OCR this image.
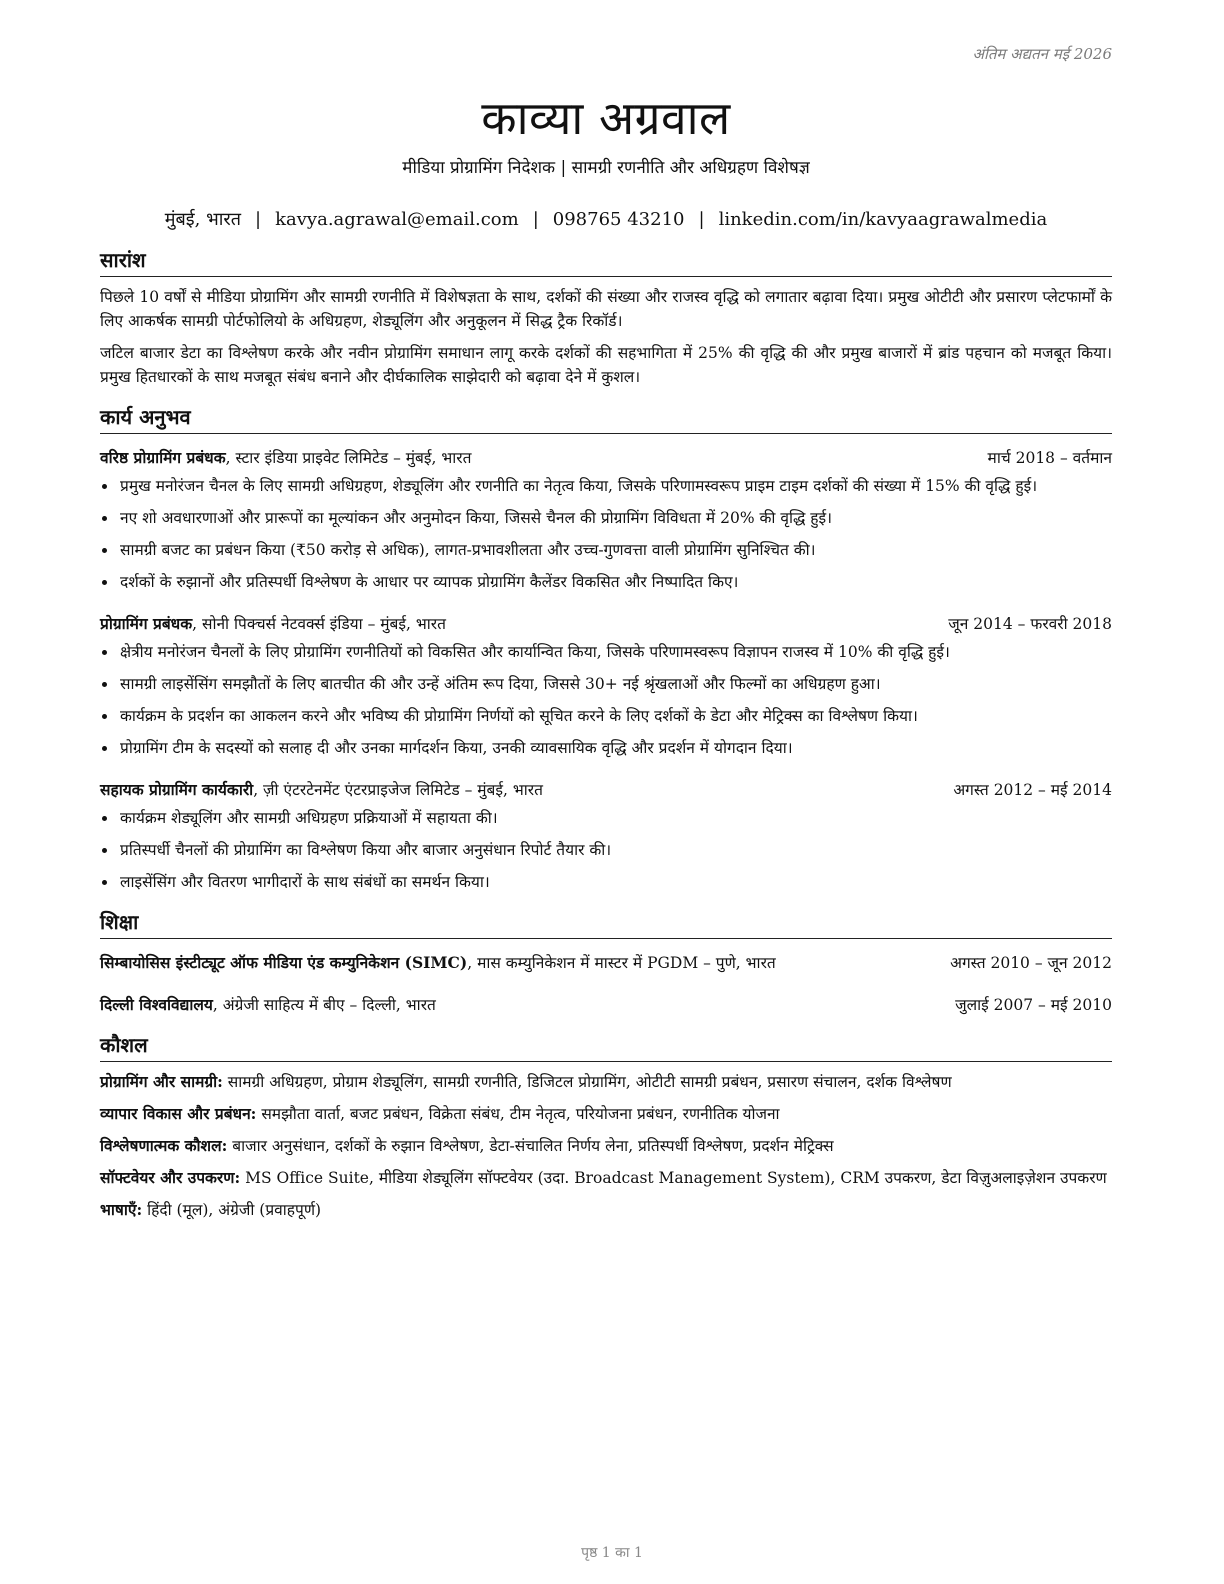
अंतिम अद्यतन मई 2026
काव्या अग्रवाल
मीडिया प्रोग्रामिंग निदेशक | सामग्री रणनीति और अधिग्रहण विशेषज्ञ
मुंबई, भारत | kavya.agrawal@email.com | 098765 43210 | linkedin.com/in/kavyaagrawalmedia
सारांश

पिछले 10 वर्षों से मीडिया प्रोग्रामिंग और सामग्री रणनीति में विशेषज्ञता के साथ, दर्शकों की संख्या और राजस्व वृद्धि को लगातार बढ़ावा दिया। प्रमुख ओटीटी और प्रसारण प्लेटफार्मों के लिए आकर्षक सामग्री पोर्टफोलियो के अधिग्रहण, शेड्यूलिंग और अनुकूलन में सिद्ध ट्रैक रिकॉर्ड।

जटिल बाजार डेटा का विश्लेषण करके और नवीन प्रोग्रामिंग समाधान लागू करके दर्शकों की सहभागिता में 25% की वृद्धि की और प्रमुख बाजारों में ब्रांड पहचान को मजबूत किया। प्रमुख हितधारकों के साथ मजबूत संबंध बनाने और दीर्घकालिक साझेदारी को बढ़ावा देने में कुशल।

कार्य अनुभव
वरिष्ठ प्रोग्रामिंग प्रबंधक, स्टार इंडिया प्राइवेट लिमिटेड – मुंबई, भारत	मार्च 2018 – वर्तमान
• प्रमुख मनोरंजन चैनल के लिए सामग्री अधिग्रहण, शेड्यूलिंग और रणनीति का नेतृत्व किया, जिसके परिणामस्वरूप प्राइम टाइम दर्शकों की संख्या में 15% की वृद्धि हुई।
• नए शो अवधारणाओं और प्रारूपों का मूल्यांकन और अनुमोदन किया, जिससे चैनल की प्रोग्रामिंग विविधता में 20% की वृद्धि हुई।
• सामग्री बजट का प्रबंधन किया (₹50 करोड़ से अधिक), लागत-प्रभावशीलता और उच्च-गुणवत्ता वाली प्रोग्रामिंग सुनिश्चित की।
• दर्शकों के रुझानों और प्रतिस्पर्धी विश्लेषण के आधार पर व्यापक प्रोग्रामिंग कैलेंडर विकसित और निष्पादित किए।
प्रोग्रामिंग प्रबंधक, सोनी पिक्चर्स नेटवर्क्स इंडिया – मुंबई, भारत	जून 2014 – फरवरी 2018
• क्षेत्रीय मनोरंजन चैनलों के लिए प्रोग्रामिंग रणनीतियों को विकसित और कार्यान्वित किया, जिसके परिणामस्वरूप विज्ञापन राजस्व में 10% की वृद्धि हुई।
• सामग्री लाइसेंसिंग समझौतों के लिए बातचीत की और उन्हें अंतिम रूप दिया, जिससे 30+ नई श्रृंखलाओं और फिल्मों का अधिग्रहण हुआ।
• कार्यक्रम के प्रदर्शन का आकलन करने और भविष्य की प्रोग्रामिंग निर्णयों को सूचित करने के लिए दर्शकों के डेटा और मेट्रिक्स का विश्लेषण किया।
• प्रोग्रामिंग टीम के सदस्यों को सलाह दी और उनका मार्गदर्शन किया, उनकी व्यावसायिक वृद्धि और प्रदर्शन में योगदान दिया।
सहायक प्रोग्रामिंग कार्यकारी, ज़ी एंटरटेनमेंट एंटरप्राइजेज लिमिटेड – मुंबई, भारत	अगस्त 2012 – मई 2014
• कार्यक्रम शेड्यूलिंग और सामग्री अधिग्रहण प्रक्रियाओं में सहायता की।
• प्रतिस्पर्धी चैनलों की प्रोग्रामिंग का विश्लेषण किया और बाजार अनुसंधान रिपोर्ट तैयार की।
• लाइसेंसिंग और वितरण भागीदारों के साथ संबंधों का समर्थन किया।
शिक्षा
सिम्बायोसिस इंस्टीट्यूट ऑफ मीडिया एंड कम्युनिकेशन (SIMC), मास कम्युनिकेशन में मास्टर में PGDM – पुणे, भारत	अगस्त 2010 – जून 2012
दिल्ली विश्वविद्यालय, अंग्रेजी साहित्य में बीए – दिल्ली, भारत	जुलाई 2007 – मई 2010
कौशल
प्रोग्रामिंग और सामग्री: सामग्री अधिग्रहण, प्रोग्राम शेड्यूलिंग, सामग्री रणनीति, डिजिटल प्रोग्रामिंग, ओटीटी सामग्री प्रबंधन, प्रसारण संचालन, दर्शक विश्लेषण
व्यापार विकास और प्रबंधन: समझौता वार्ता, बजट प्रबंधन, विक्रेता संबंध, टीम नेतृत्व, परियोजना प्रबंधन, रणनीतिक योजना
विश्लेषणात्मक कौशल: बाजार अनुसंधान, दर्शकों के रुझान विश्लेषण, डेटा-संचालित निर्णय लेना, प्रतिस्पर्धी विश्लेषण, प्रदर्शन मेट्रिक्स
सॉफ्टवेयर और उपकरण: MS Office Suite, मीडिया शेड्यूलिंग सॉफ्टवेयर (उदा. Broadcast Management System), CRM उपकरण, डेटा विज़ुअलाइज़ेशन उपकरण
भाषाएँ: हिंदी (मूल), अंग्रेजी (प्रवाहपूर्ण)
पृष्ठ 1 का 1
